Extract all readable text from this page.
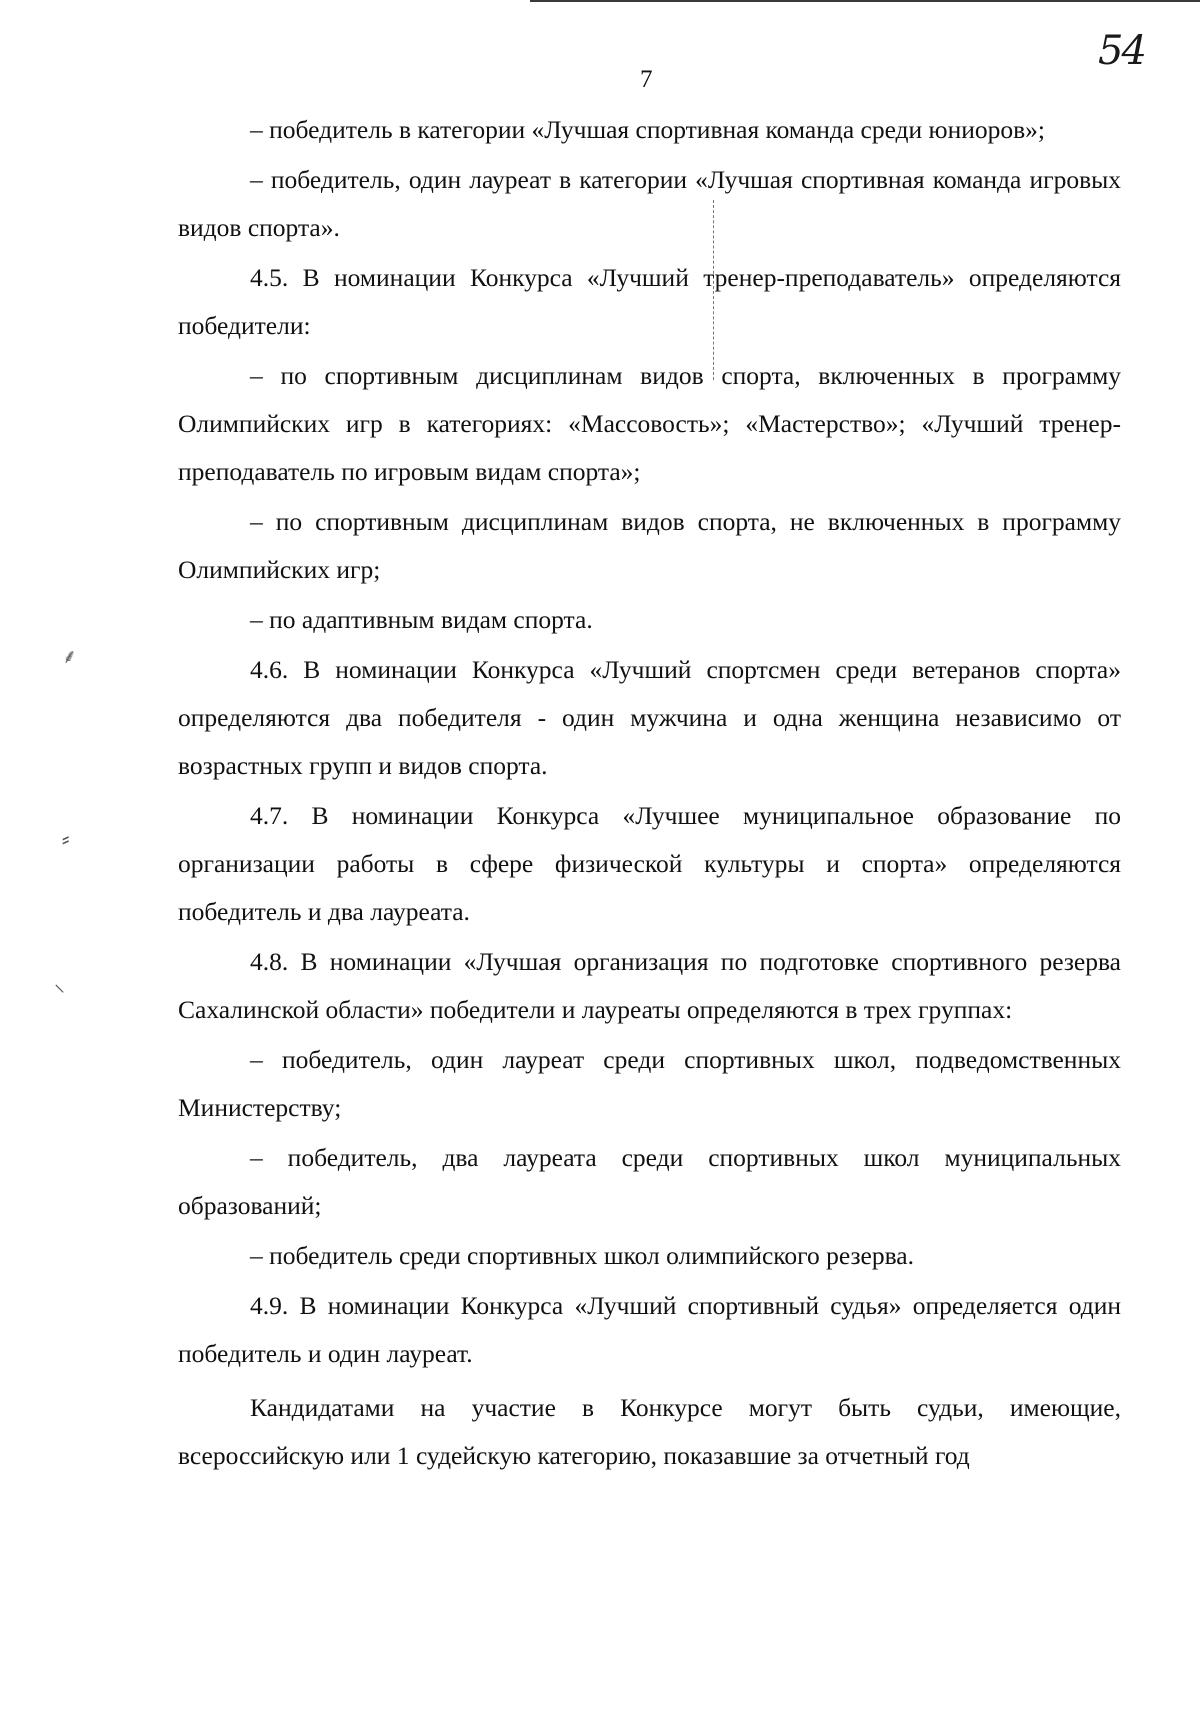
54
7
⸙
⸗
⸜

– победитель в категории «Лучшая спортивная команда среди юниоров»;

– победитель, один лауреат в категории «Лучшая спортивная команда игровых видов спорта».

4.5. В номинации Конкурса «Лучший тренер-преподаватель» определяются победители:

– по спортивным дисциплинам видов спорта, включенных в программу Олимпийских игр в категориях: «Массовость»; «Мастерство»; «Лучший тренер-преподаватель по игровым видам спорта»;

– по спортивным дисциплинам видов спорта, не включенных в программу Олимпийских игр;

– по адаптивным видам спорта.

4.6. В номинации Конкурса «Лучший спортсмен среди ветеранов спорта» определяются два победителя - один мужчина и одна женщина независимо от возрастных групп и видов спорта.

4.7. В номинации Конкурса «Лучшее муниципальное образование по организации работы в сфере физической культуры и спорта» определяются победитель и два лауреата.

4.8. В номинации «Лучшая организация по подготовке спортивного резерва Сахалинской области» победители и лауреаты определяются в трех группах:

– победитель, один лауреат среди спортивных школ, подведомственных Министерству;

– победитель, два лауреата среди спортивных школ муниципальных образований;

– победитель среди спортивных школ олимпийского резерва.

4.9. В номинации Конкурса «Лучший спортивный судья» определяется один победитель и один лауреат.

Кандидатами на участие в Конкурсе могут быть судьи, имеющие, всероссийскую или 1 судейскую категорию, показавшие за отчетный год
